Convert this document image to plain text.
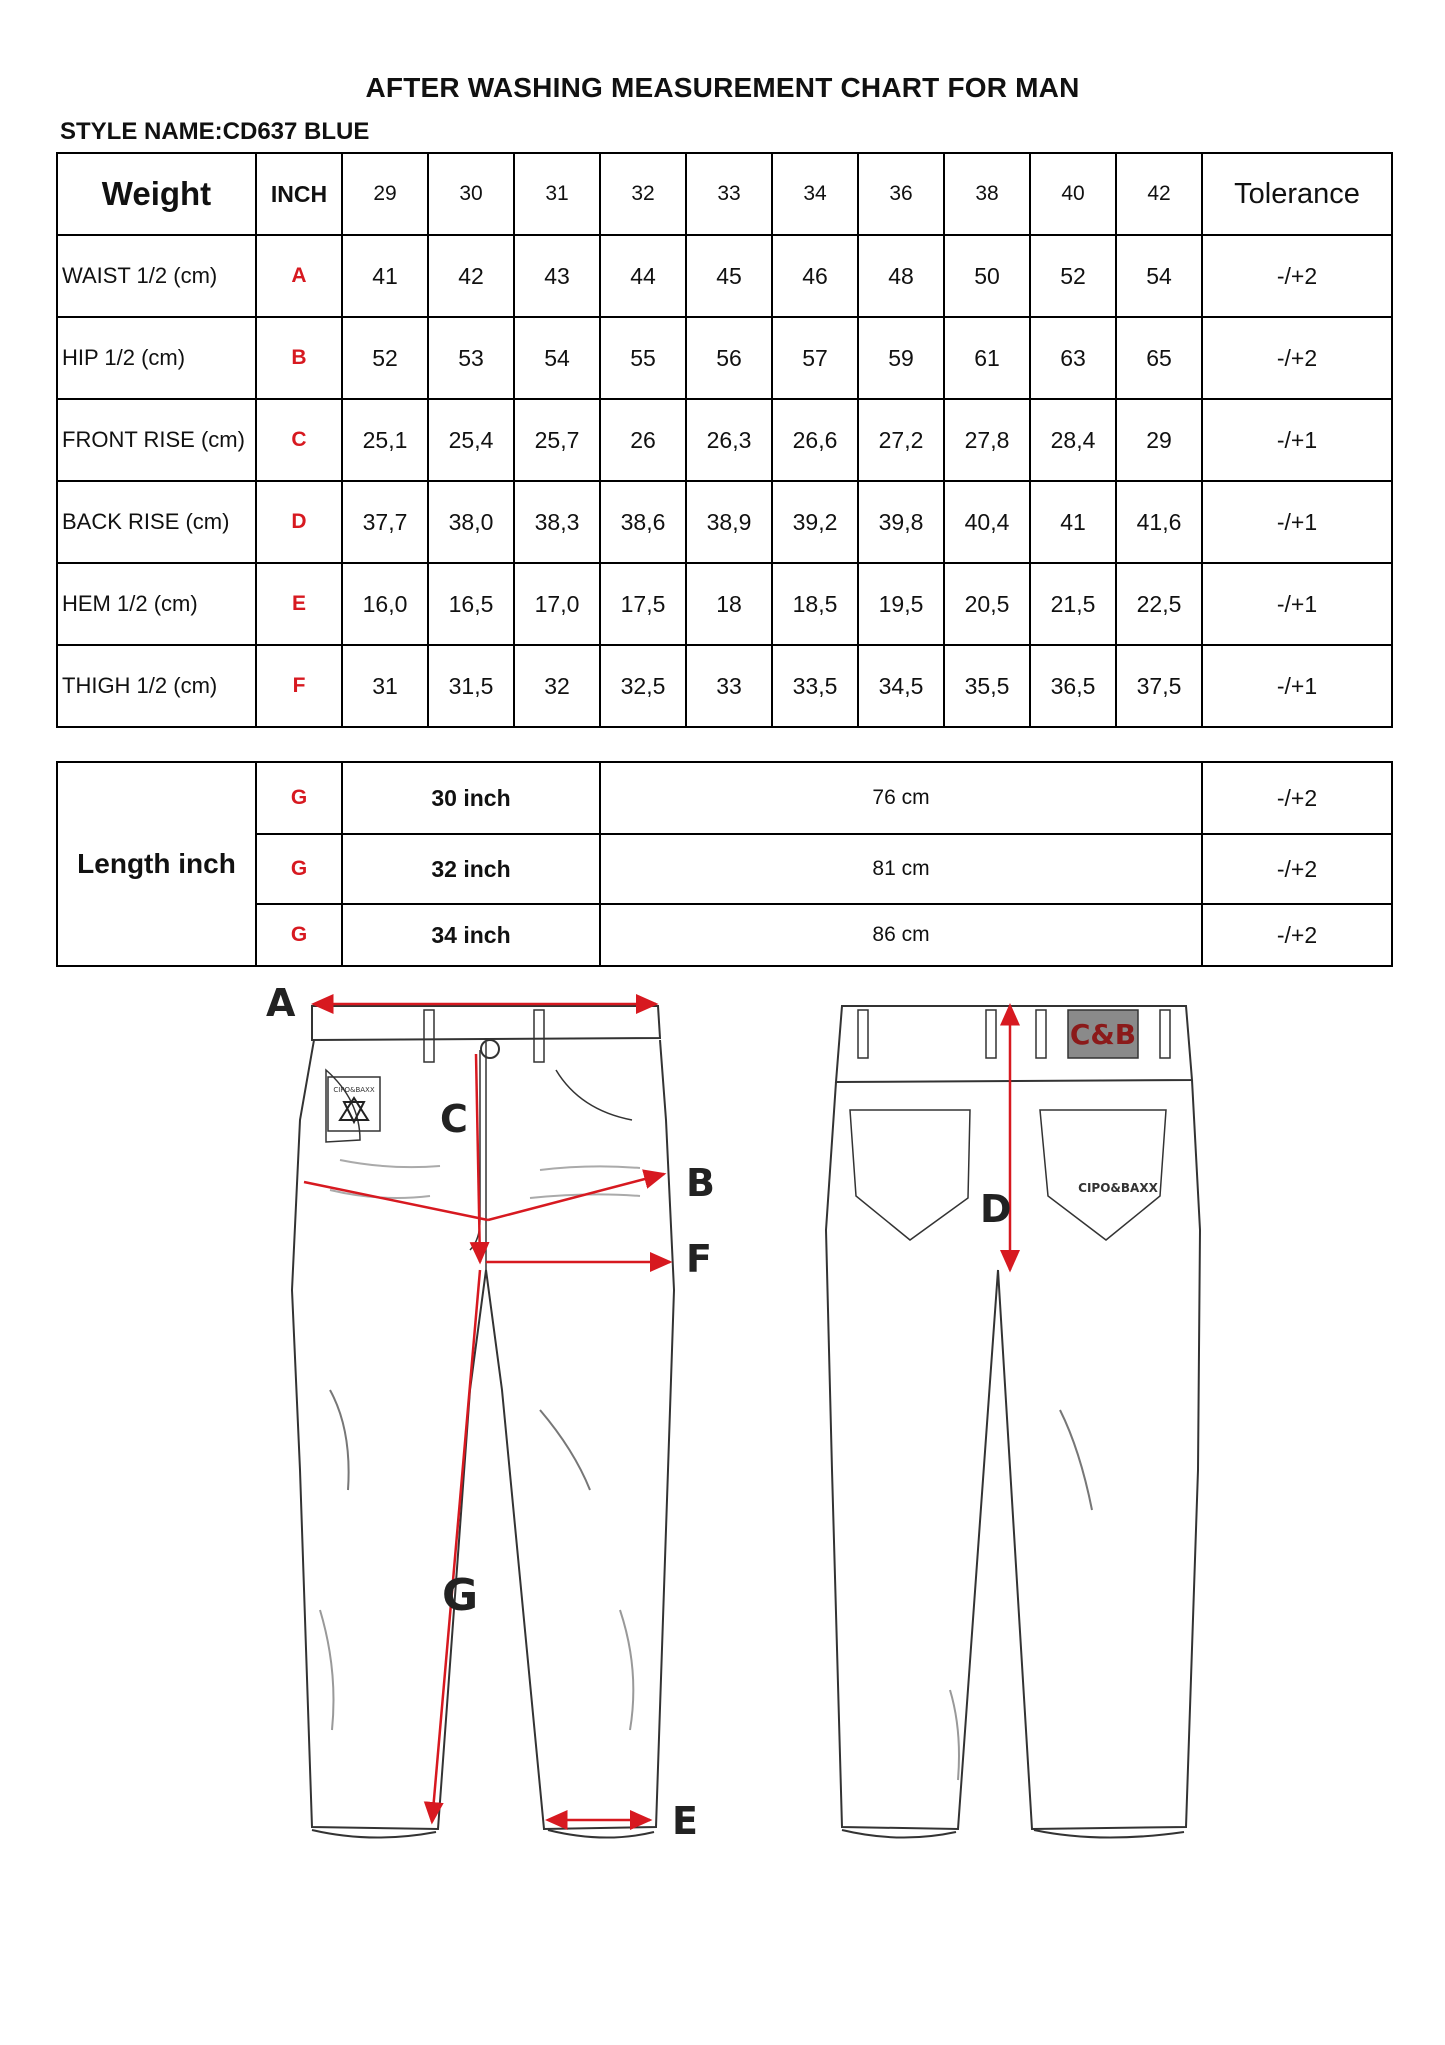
AFTER WASHING MEASUREMENT CHART FOR MAN
STYLE NAME:CD637 BLUE
Weight	INCH	29	30	31	32	33	34	36	38	40	42	Tolerance
WAIST 1/2 (cm)	A	41	42	43	44	45	46	48	50	52	54	-/+2
HIP 1/2 (cm)	B	52	53	54	55	56	57	59	61	63	65	-/+2
FRONT RISE (cm)	C	25,1	25,4	25,7	26	26,3	26,6	27,2	27,8	28,4	29	-/+1
BACK RISE (cm)	D	37,7	38,0	38,3	38,6	38,9	39,2	39,8	40,4	41	41,6	-/+1
HEM 1/2 (cm)	E	16,0	16,5	17,0	17,5	18	18,5	19,5	20,5	21,5	22,5	-/+1
THIGH 1/2 (cm)	F	31	31,5	32	32,5	33	33,5	34,5	35,5	36,5	37,5	-/+1
Length inch	G	30 inch	76 cm	-/+2
	G	32 inch	81 cm	-/+2
	G	34 inch	86 cm	-/+2
CIPO&BAXX
A
C
B
F
G
E
C&B
CIPO&BAXX
D
